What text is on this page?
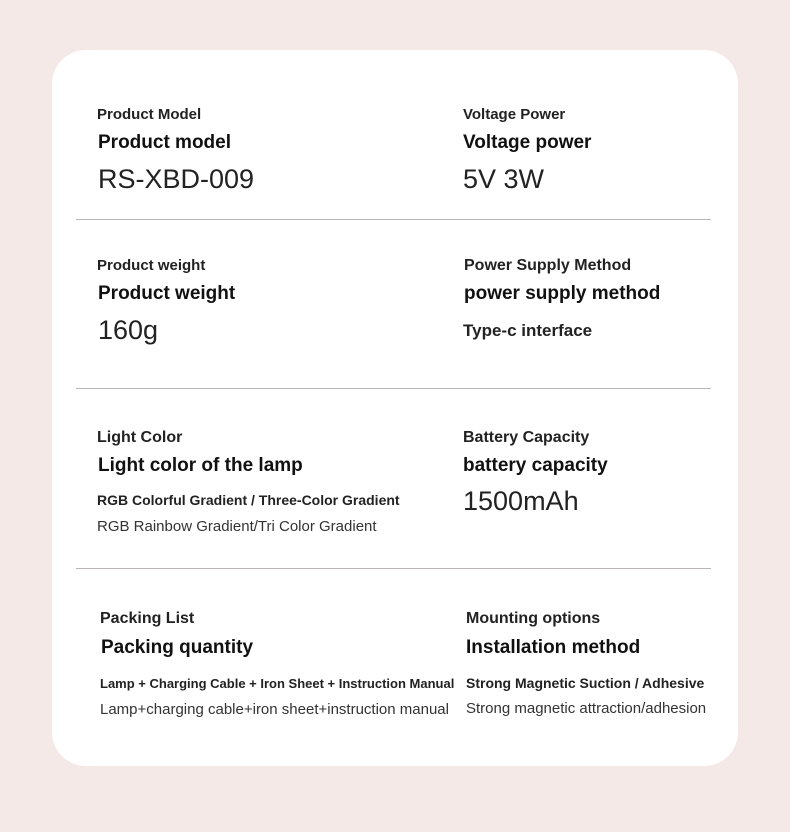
Product Model
Product model
RS-XBD-009
Voltage Power
Voltage power
5V 3W
Product weight
Product weight
160g
Power Supply Method
power supply method
Type-c interface
Light Color
Light color of the lamp
RGB Colorful Gradient / Three-Color Gradient
RGB Rainbow Gradient/Tri Color Gradient
Battery Capacity
battery capacity
1500mAh
Packing List
Packing quantity
Lamp + Charging Cable + Iron Sheet + Instruction Manual
Lamp+charging cable+iron sheet+instruction manual
Mounting options
Installation method
Strong Magnetic Suction / Adhesive
Strong magnetic attraction/adhesion
